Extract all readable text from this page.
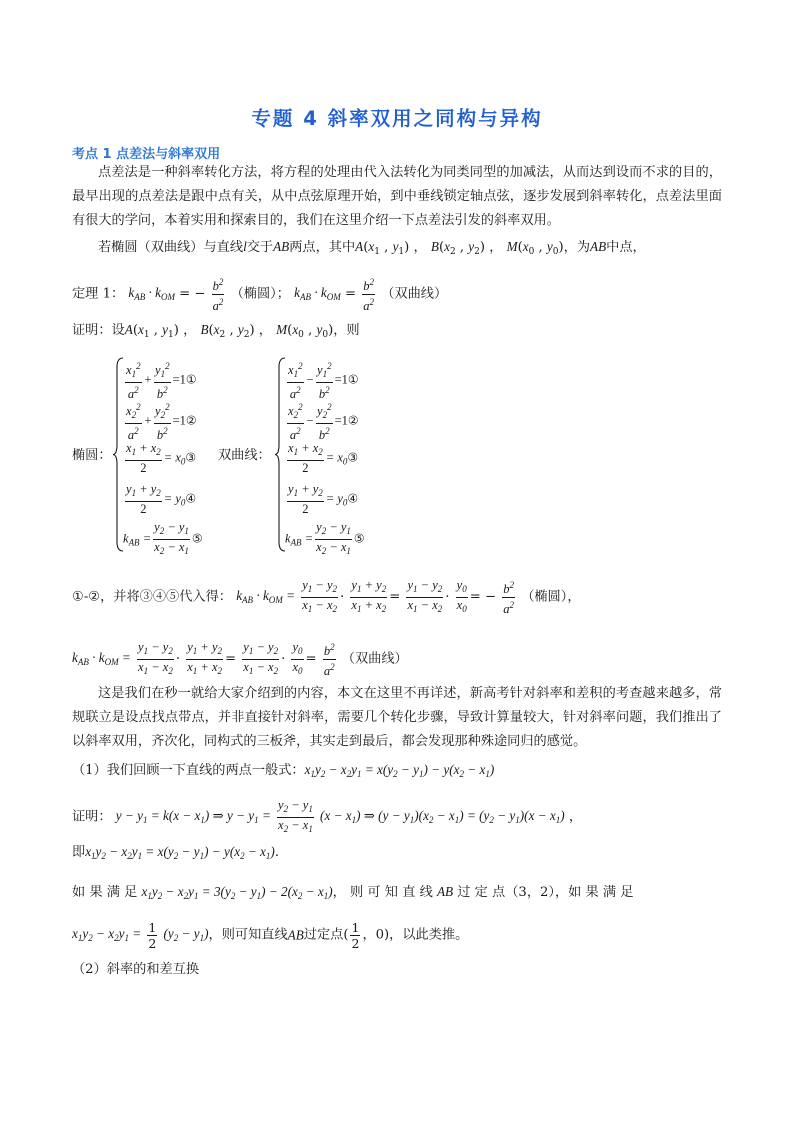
专题 4 斜率双用之同构与异构
考点 1 点差法与斜率双用
点差法是一种斜率转化方法，将方程的处理由代入法转化为同类同型的加减法，从而达到设而不求的目的，最早出现的点差法是跟中点有关，从中点弦原理开始，到中垂线锁定轴点弦，逐步发展到斜率转化，点差法里面有很大的学问，本着实用和探索目的，我们在这里介绍一下点差法引发的斜率双用。
若椭圆（双曲线）与直线l交于AB两点，其中$A(x_1$ , $y_1$) ， $B(x_2$ , $y_2$) ， $M(x_0$ , $y_0$)，为AB中点，
定理 1： $k_{AB} \cdot k_{OM}$ = − $\frac{b^2}{a^2}$ （椭圆）； $k_{AB} \cdot k_{OM} = \frac{b^2}{a^2}$ （双曲线）
证明：设$A(x_1$ , $y_1$) ， $B(x_2$ , $y_2$) ， $M(x_0$ , $y_0$)，则
椭圆：
$\frac{x_1^2}{a^2} + \frac{y_1^2}{b^2}$ =1①
$\frac{x_2^2}{a^2} + \frac{y_2^2}{b^2}$ =1②
$\frac{x_1 + x_2}{2}$ = $x_0③$
$\frac{y_1 + y_2}{2}$ = $y_0④$
$k_{AB} = \frac{y_2 - y_1}{x_2 - x_1}$ ⑤
双曲线：
$\frac{x_1^2}{a^2} - \frac{y_1^2}{b^2}$ =1①
$\frac{x_2^2}{a^2} - \frac{y_2^2}{b^2}$ =1②
$\frac{x_1 + x_2}{2}$ = $x_0③$
$\frac{y_1 + y_2}{2}$ = $y_0④$
$k_{AB} = \frac{y_2 - y_1}{x_2 - x_1}$ ⑤
①-②，并将③④⑤代入得： $k_{AB} \cdot k_{OM} = \frac{y_1 - y_2}{x_1 - x_2} \cdot \frac{y_1 + y_2}{x_1 + x_2} = \frac{y_1 - y_2}{x_1 - x_2} \cdot \frac{y_0}{x_0}$ = − $\frac{b^2}{a^2}$ （椭圆），
$k_{AB} \cdot k_{OM} = \frac{y_1 - y_2}{x_1 - x_2} \cdot \frac{y_1 + y_2}{x_1 + x_2} = \frac{y_1 - y_2}{x_1 - x_2} \cdot \frac{y_0}{x_0} = \frac{b^2}{a^2}$ （双曲线）
这是我们在秒一就给大家介绍到的内容，本文在这里不再详述，新高考针对斜率和差积的考查越来越多，常规联立是设点找点带点，并非直接针对斜率，需要几个转化步骤，导致计算量较大，针对斜率问题，我们推出了以斜率双用，齐次化，同构式的三板斧，其实走到最后，都会发现那种殊途同归的感觉。
（1）我们回顾一下直线的两点一般式：$x_1y_2 - x_2y_1 = x(y_2 - y_1) - y(x_2 - x_1)$
证明： $y - y_1 = k(x - x_1)$ ⇒ $y - y_1 = \frac{y_2 - y_1}{x_2 - x_1} (x - x_1)$ ⇒ $(y - y_1)(x_2 - x_1) = (y_2 - y_1)(x - x_1)$ ，
即$x_1y_2 - x_2y_1 = x(y_2 - y_1) - y(x_2 - x_1)$.
如 果 满 足 $x_1y_2 - x_2y_1 = 3(y_2 - y_1) - 2(x_2 - x_1)$， 则 可 知 直 线 AB 过 定 点（3，2），如 果 满 足
$x_1y_2 - x_2y_1 = \frac{1}{2} (y_2 - y_1)$，则可知直线AB过定点( $\frac{1}{2}$ ，0)，以此类推。
（2）斜率的和差互换
